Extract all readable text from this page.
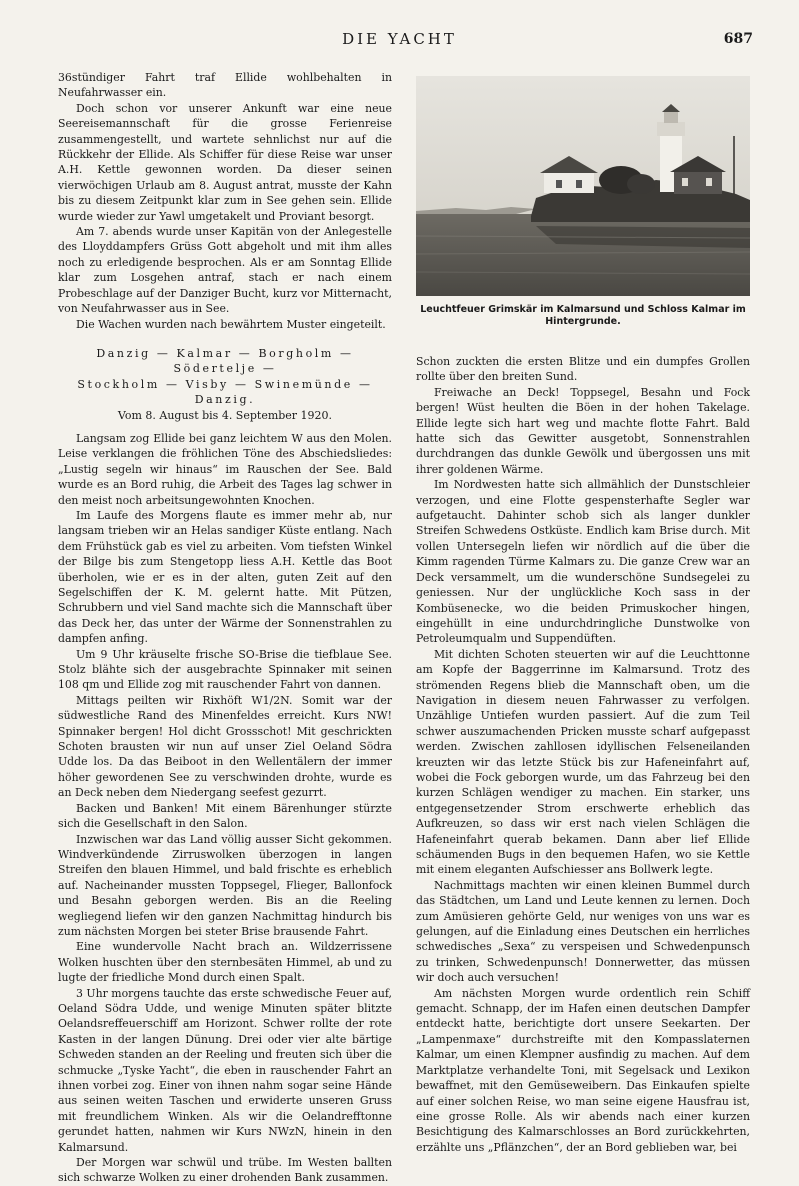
DIE YACHT	687

36stündiger Fahrt traf Ellide wohlbehalten in Neufahrwasser ein.

Doch schon vor unserer Ankunft war eine neue Seereisemannschaft für die grosse Ferienreise zusammengestellt, und wartete sehnlichst nur auf die Rückkehr der Ellide. Als Schiffer für diese Reise war unser A.H. Kettle gewonnen worden. Da dieser seinen vierwöchigen Urlaub am 8. August antrat, musste der Kahn bis zu diesem Zeitpunkt klar zum in See gehen sein. Ellide wurde wieder zur Yawl umgetakelt und Proviant besorgt.

Am 7. abends wurde unser Kapitän von der Anlegestelle des Lloyddampfers Grüss Gott abgeholt und mit ihm alles noch zu erledigende besprochen. Als er am Sonntag Ellide klar zum Losgehen antraf, stach er nach einem Probeschlage auf der Danziger Bucht, kurz vor Mitternacht, von Neufahrwasser aus in See.

Die Wachen wurden nach bewährtem Muster eingeteilt.

Danzig — Kalmar — Borgholm — Södertelje —
Stockholm — Visby — Swinemünde — Danzig.
Vom 8. August bis 4. September 1920.

Langsam zog Ellide bei ganz leichtem W aus den Molen. Leise verklangen die fröhlichen Töne des Abschiedsliedes: „Lustig segeln wir hinaus“ im Rauschen der See. Bald wurde es an Bord ruhig, die Arbeit des Tages lag schwer in den meist noch arbeitsungewohnten Knochen.

Im Laufe des Morgens flaute es immer mehr ab, nur langsam trieben wir an Helas sandiger Küste entlang. Nach dem Frühstück gab es viel zu arbeiten. Vom tiefsten Winkel der Bilge bis zum Stengetopp liess A.H. Kettle das Boot überholen, wie er es in der alten, guten Zeit auf den Segelschiffen der K. M. gelernt hatte. Mit Pützen, Schrubbern und viel Sand machte sich die Mannschaft über das Deck her, das unter der Wärme der Sonnenstrahlen zu dampfen anfing.

Um 9 Uhr kräuselte frische SO-Brise die tiefblaue See. Stolz blähte sich der ausgebrachte Spinnaker mit seinen 108 qm und Ellide zog mit rauschender Fahrt von dannen.

Mittags peilten wir Rixhöft W1/2N. Somit war der südwestliche Rand des Minenfeldes erreicht. Kurs NW! Spinnaker bergen! Hol dicht Grossschot! Mit geschrickten Schoten brausten wir nun auf unser Ziel Oeland Södra Udde los. Da das Beiboot in den Wellentälern der immer höher gewordenen See zu verschwinden drohte, wurde es an Deck neben dem Niedergang seefest gezurrt.

Backen und Banken! Mit einem Bärenhunger stürzte sich die Gesellschaft in den Salon.

Inzwischen war das Land völlig ausser Sicht gekommen. Windverkündende Zirruswolken überzogen in langen Streifen den blauen Himmel, und bald frischte es erheblich auf. Nacheinander mussten Toppsegel, Flieger, Ballonfock und Besahn geborgen werden. Bis an die Reeling wegliegend liefen wir den ganzen Nachmittag hindurch bis zum nächsten Morgen bei steter Brise brausende Fahrt.

Eine wundervolle Nacht brach an. Wildzerrissene Wolken huschten über den sternbesäten Himmel, ab und zu lugte der friedliche Mond durch einen Spalt.

3 Uhr morgens tauchte das erste schwedische Feuer auf, Oeland Södra Udde, und wenige Minuten später blitzte Oelandsreffeuerschiff am Horizont. Schwer rollte der rote Kasten in der langen Dünung. Drei oder vier alte bärtige Schweden standen an der Reeling und freuten sich über die schmucke „Tyske Yacht“, die eben in rauschender Fahrt an ihnen vorbei zog. Einer von ihnen nahm sogar seine Hände aus seinen weiten Taschen und erwiderte unseren Gruss mit freundlichem Winken. Als wir die Oelandrefftonne gerundet hatten, nahmen wir Kurs NWzN, hinein in den Kalmarsund.

Der Morgen war schwül und trübe. Im Westen ballten sich schwarze Wolken zu einer drohenden Bank zusammen.

Leuchtfeuer Grimskär im Kalmarsund und Schloss Kalmar im Hintergrunde.

Schon zuckten die ersten Blitze und ein dumpfes Grollen rollte über den breiten Sund.

Freiwache an Deck! Toppsegel, Besahn und Fock bergen! Wüst heulten die Böen in der hohen Takelage. Ellide legte sich hart weg und machte flotte Fahrt. Bald hatte sich das Gewitter ausgetobt, Sonnenstrahlen durchdrangen das dunkle Gewölk und übergossen uns mit ihrer goldenen Wärme.

Im Nordwesten hatte sich allmählich der Dunstschleier verzogen, und eine Flotte gespensterhafte Segler war aufgetaucht. Dahinter schob sich als langer dunkler Streifen Schwedens Ostküste. Endlich kam Brise durch. Mit vollen Untersegeln liefen wir nördlich auf die über die Kimm ragenden Türme Kalmars zu. Die ganze Crew war an Deck versammelt, um die wunderschöne Sundsegelei zu geniessen. Nur der unglückliche Koch sass in der Kombüsenecke, wo die beiden Primuskocher hingen, eingehüllt in eine undurchdringliche Dunstwolke von Petroleumqualm und Suppendüften.

Mit dichten Schoten steuerten wir auf die Leuchttonne am Kopfe der Baggerrinne im Kalmarsund. Trotz des strömenden Regens blieb die Mannschaft oben, um die Navigation in diesem neuen Fahrwasser zu verfolgen. Unzählige Untiefen wurden passiert. Auf die zum Teil schwer auszumachenden Pricken musste scharf aufgepasst werden. Zwischen zahllosen idyllischen Felseneilanden kreuzten wir das letzte Stück bis zur Hafeneinfahrt auf, wobei die Fock geborgen wurde, um das Fahrzeug bei den kurzen Schlägen wendiger zu machen. Ein starker, uns entgegensetzender Strom erschwerte erheblich das Aufkreuzen, so dass wir erst nach vielen Schlägen die Hafeneinfahrt querab bekamen. Dann aber lief Ellide schäumenden Bugs in den bequemen Hafen, wo sie Kettle mit einem eleganten Aufschiesser ans Bollwerk legte.

Nachmittags machten wir einen kleinen Bummel durch das Städtchen, um Land und Leute kennen zu lernen. Doch zum Amüsieren gehörte Geld, nur weniges von uns war es gelungen, auf die Einladung eines Deutschen ein herrliches schwedisches „Sexa“ zu verspeisen und Schwedenpunsch zu trinken, Schwedenpunsch! Donnerwetter, das müssen wir doch auch versuchen!

Am nächsten Morgen wurde ordentlich rein Schiff gemacht. Schnapp, der im Hafen einen deutschen Dampfer entdeckt hatte, berichtigte dort unsere Seekarten. Der „Lampenmaxe“ durchstreifte mit den Kompasslaternen Kalmar, um einen Klempner ausfindig zu machen. Auf dem Marktplatze verhandelte Toni, mit Segelsack und Lexikon bewaffnet, mit den Gemüseweibern. Das Einkaufen spielte auf einer solchen Reise, wo man seine eigene Hausfrau ist, eine grosse Rolle. Als wir abends nach einer kurzen Besichtigung des Kalmarschlosses an Bord zurückkehrten, erzählte uns „Pflänzchen“, der an Bord geblieben war, bei
